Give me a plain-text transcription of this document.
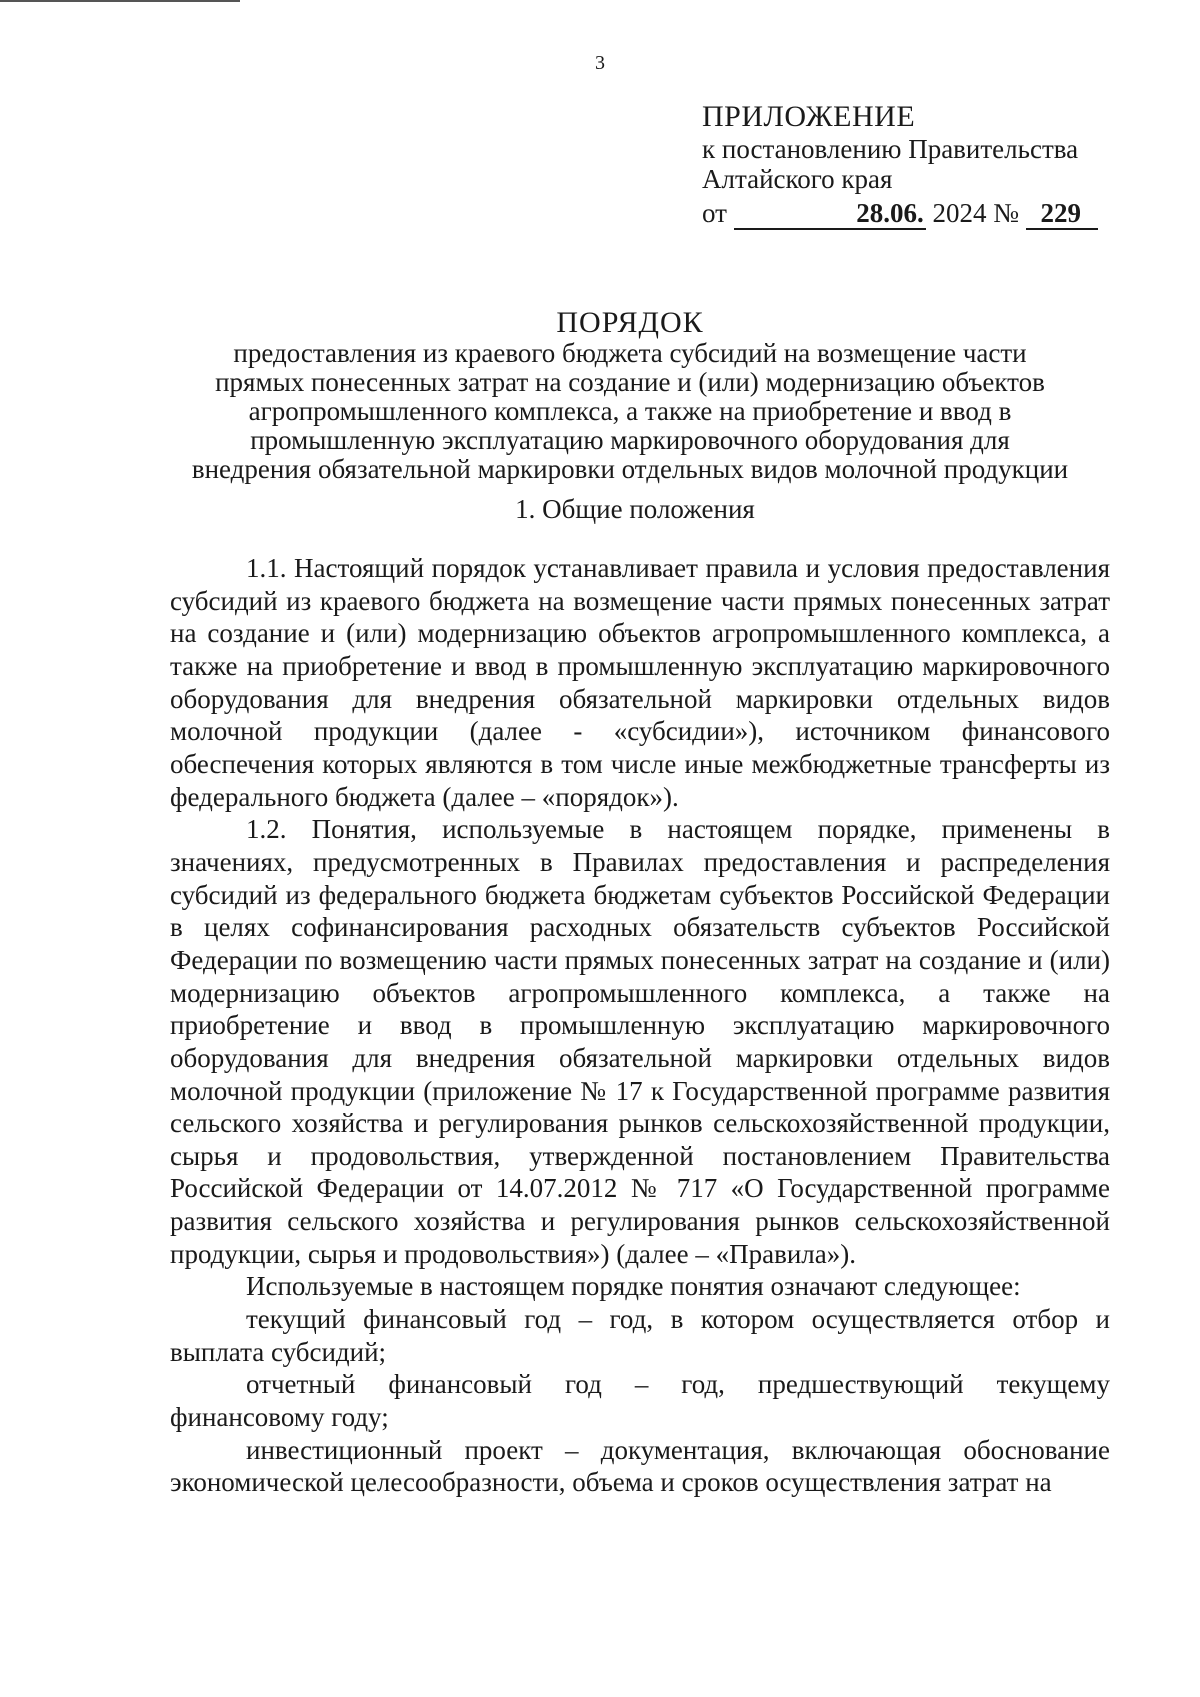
3
ПРИЛОЖЕНИЕ
к постановлению Правительства
Алтайского края
от	28.06. 2024 № 229
ПОРЯДОК
предоставления из краевого бюджета субсидий на возмещение части
прямых понесенных затрат на создание и (или) модернизацию объектов
агропромышленного комплекса, а также на приобретение и ввод в
промышленную эксплуатацию маркировочного оборудования для
внедрения обязательной маркировки отдельных видов молочной продукции
1. Общие положения

1.1. Настоящий порядок устанавливает правила и условия предоставления субсидий из краевого бюджета на возмещение части прямых понесенных затрат на создание и (или) модернизацию объектов агропромышленного комплекса, а также на приобретение и ввод в промышленную эксплуатацию маркировочного оборудования для внедрения обязательной маркировки отдельных видов молочной продукции (далее - «субсидии»), источником финансового обеспечения которых являются в том числе иные межбюджетные трансферты из федерального бюджета (далее – «порядок»).

1.2. Понятия, используемые в настоящем порядке, применены в значениях, предусмотренных в Правилах предоставления и распределения субсидий из федерального бюджета бюджетам субъектов Российской Федерации в целях софинансирования расходных обязательств субъектов Российской Федерации по возмещению части прямых понесенных затрат на создание и (или) модернизацию объектов агропромышленного комплекса, а также на приобретение и ввод в промышленную эксплуатацию маркировочного оборудования для внедрения обязательной маркировки отдельных видов молочной продукции (приложение № 17 к Государственной программе развития сельского хозяйства и регулирования рынков сельскохозяйственной продукции, сырья и продовольствия, утвержденной постановлением Правительства Российской Федерации от 14.07.2012 № 717 «О Государственной программе развития сельского хозяйства и регулирования рынков сельскохозяйственной продукции, сырья и продовольствия») (далее – «Правила»).

Используемые в настоящем порядке понятия означают следующее:

текущий финансовый год – год, в котором осуществляется отбор и выплата субсидий;

отчетный финансовый год – год, предшествующий текущему финансовому году;

инвестиционный проект – документация, включающая обоснование экономической целесообразности, объема и сроков осуществления затрат на
